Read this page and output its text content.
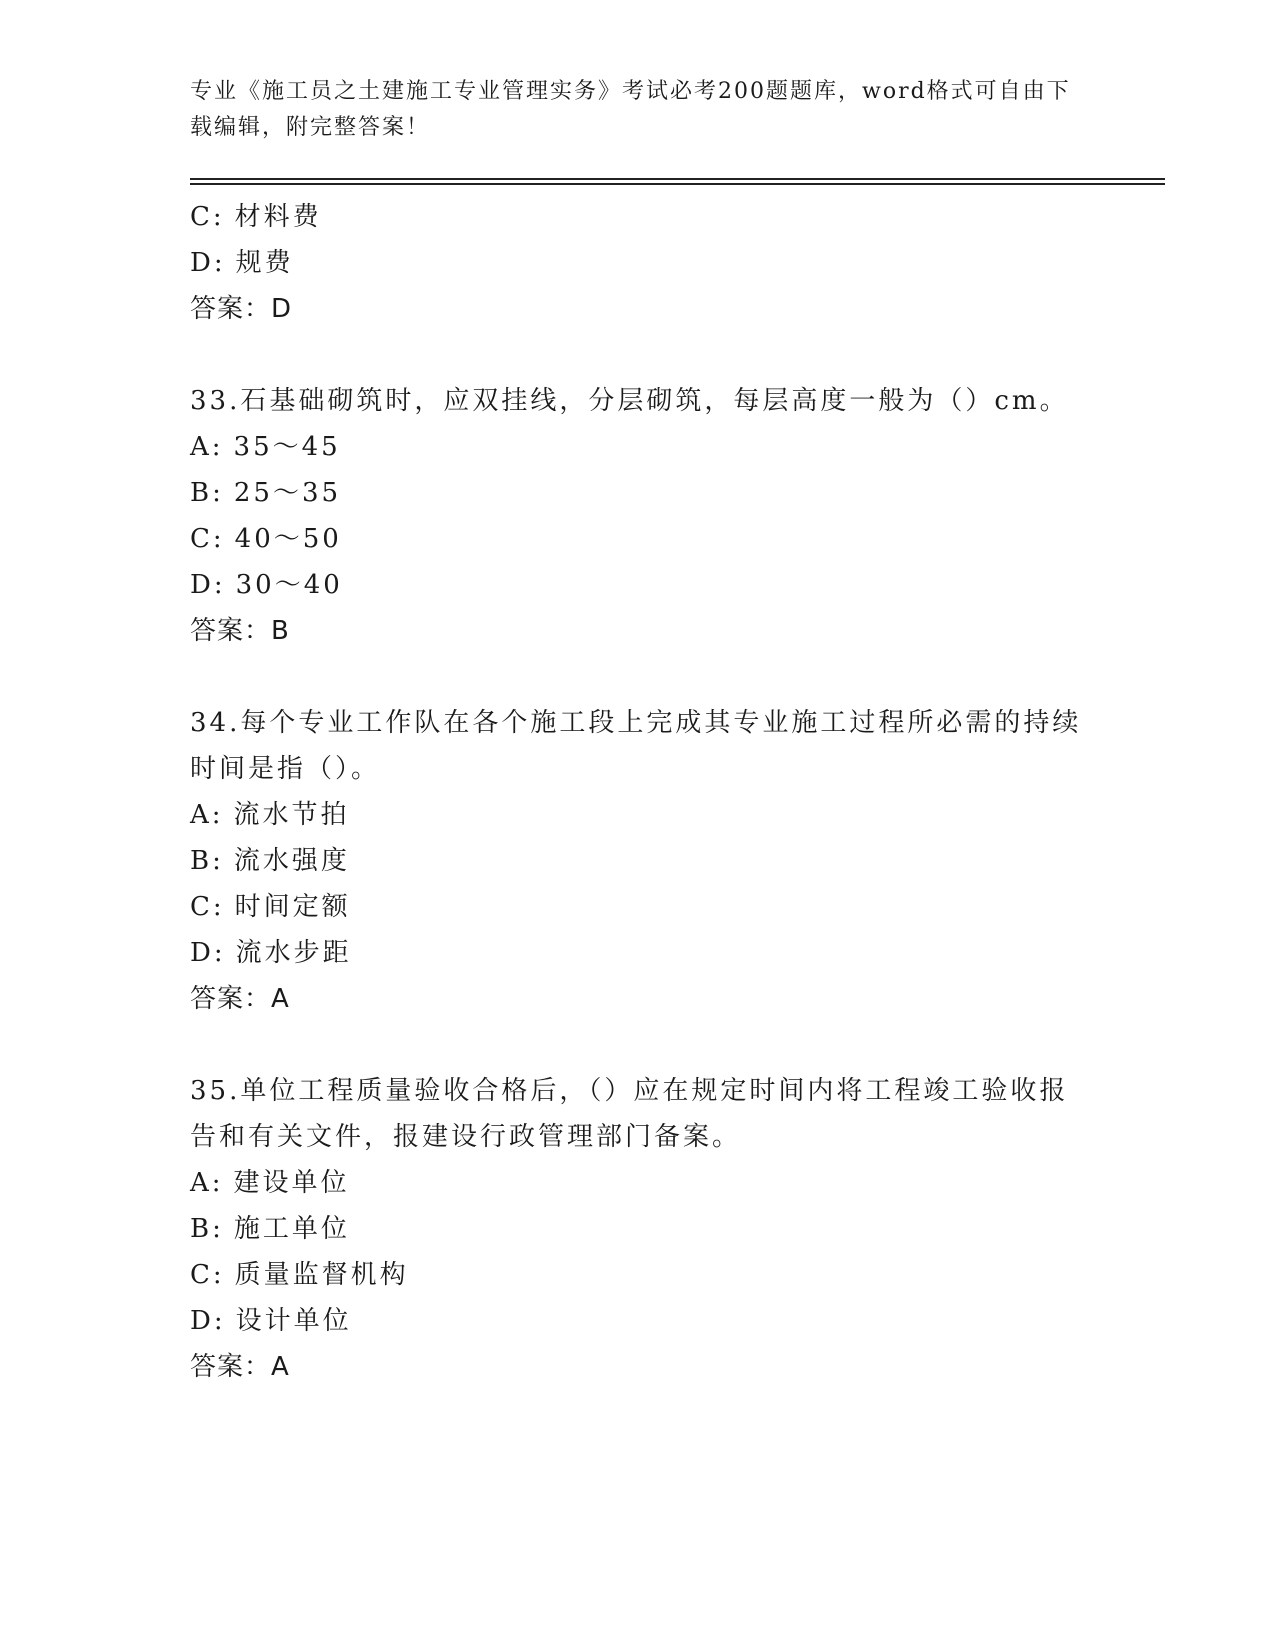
专业《施工员之土建施工专业管理实务》考试必考200题题库，word格式可自由下载编辑，附完整答案！
C: 材料费
D: 规费
答案：D
33.石基础砌筑时，应双挂线，分层砌筑，每层高度一般为（）cm。
A: 35～45
B: 25～35
C: 40～50
D: 30～40
答案：B
34.每个专业工作队在各个施工段上完成其专业施工过程所必需的持续
时间是指（）。
A: 流水节拍
B: 流水强度
C: 时间定额
D: 流水步距
答案：A
35.单位工程质量验收合格后，（）应在规定时间内将工程竣工验收报
告和有关文件，报建设行政管理部门备案。
A: 建设单位
B: 施工单位
C: 质量监督机构
D: 设计单位
答案：A
